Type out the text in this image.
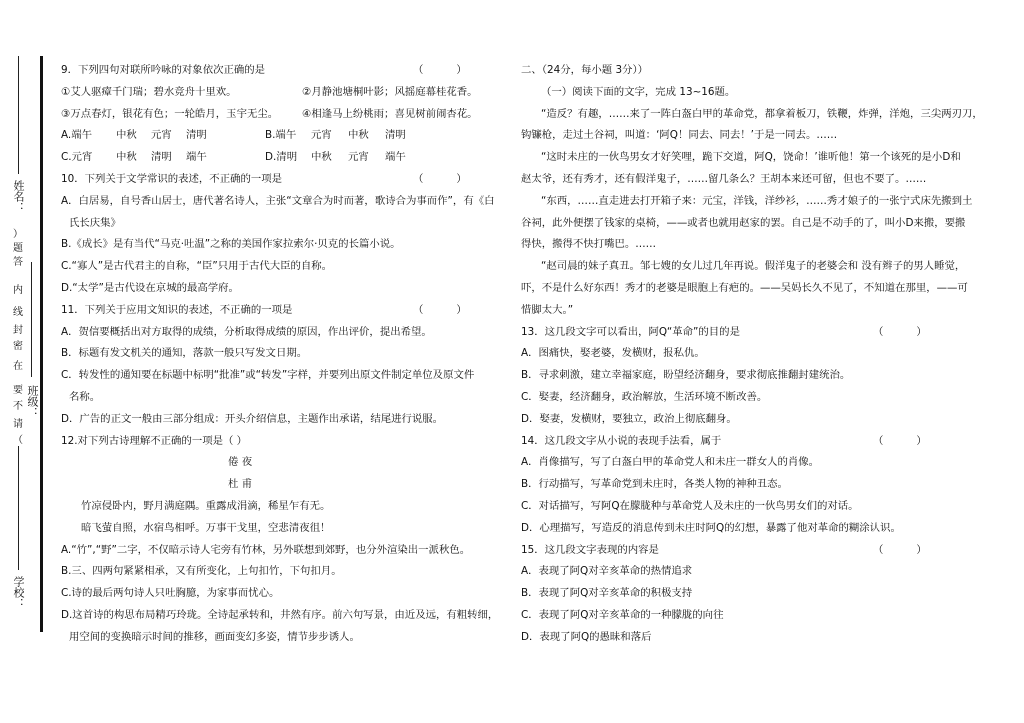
姓名：
）
题
答
内
线
封
密
在
要
不
请
（
班级：
学校：
9．下列四句对联所吟咏的对象依次正确的是	（          ）
①艾人驱瘴千门瑞；碧水竞舟十里欢。	②月静池塘桐叶影；风摇庭幕桂花香。
③万点春灯，银花有色；一轮皓月，玉宇无尘。 ④相逢马上纷桃雨；喜见树前闹杏花。
A.端午 中秋 元宵 清明	B.端午 元宵 中秋 清明
C.元宵 中秋 清明 端午	D.清明 中秋 元宵 端午
10．下列关于文学常识的表述，不正确的一项是	（          ）
A．白居易，自号香山居士，唐代著名诗人，主张“文章合为时而著，歌诗合为事而作”，有《白
氏长庆集》
B.《成长》是有当代“马克·吐温”之称的美国作家拉索尔·贝克的长篇小说。
C.“寡人”是古代君主的自称，“臣”只用于古代大臣的自称。
D.“太学”是古代设在京城的最高学府。
11．下列关于应用文知识的表述，不正确的一项是	（          ）
A．贺信要概括出对方取得的成绩，分析取得成绩的原因，作出评价，提出希望。
B．标题有发文机关的通知，落款一般只写发文日期。
C．转发性的通知要在标题中标明“批准”或“转发”字样，并要列出原文件制定单位及原文件
名称。
D．广告的正文一般由三部分组成：开头介绍信息，主题作出承诺，结尾进行说服。
12.对下列古诗理解不正确的一项是（ ）
倦 夜
杜 甫
竹凉侵卧内，野月满庭隅。重露成涓滴，稀星乍有无。
暗飞萤自照，水宿鸟相呼。万事干戈里，空悲清夜徂！
A.“竹”,“野”二字，不仅暗示诗人宅旁有竹林，另外联想到郊野，也分外渲染出一派秋色。
B.三、四两句紧紧相承，又有所变化，上句扣竹，下句扣月。
C.诗的最后两句诗人只吐胸臆，为家事而忧心。
D.这首诗的构思布局精巧玲珑。全诗起承转和，井然有序。前六句写景，由近及远，有粗转细，
用空间的变换暗示时间的推移，画面变幻多姿，情节步步诱人。
二、（24分，每小题 3分））
（一）阅读下面的文字，完成 13~16题。
“造反？有趣，……来了一阵白盔白甲的革命党，都拿着板刀，铁鞭，炸弹，洋炮，三尖两刃刀，
钩镰枪，走过土谷祠，叫道：‘阿Q！同去、同去！’于是一同去。……
“这时未庄的一伙鸟男女才好笑哩，跪下交道，阿Q，饶命！’谁听他！第一个该死的是小D和
赵太爷，还有秀才，还有假洋鬼子，……留几条么？王胡本来还可留，但也不要了。……
“东西，……直走进去打开箱子来：元宝，洋钱，洋纱衫，……秀才娘子的一张宁式床先搬到土
谷祠，此外便摆了钱家的桌椅，——或者也就用赵家的罢。自己是不动手的了，叫小D来搬，要搬
得快，搬得不快打嘴巴。……
“赵司晨的妹子真丑。邹七嫂的女儿过几年再说。假洋鬼子的老婆会和 没有辫子的男人睡觉，
吓，不是什么好东西！秀才的老婆是眼胞上有疤的。——吴妈长久不见了，不知道在那里，——可
惜脚太大。”
13．这几段文字可以看出，阿Q“革命”的目的是	（          ）
A．图痛快，娶老婆，发横财，报私仇。
B．寻求刺激，建立幸福家庭，盼望经济翻身，要求彻底推翻封建统治。
C．娶妻，经济翻身，政治解放，生活环境不断改善。
D．娶妻，发横财，要独立，政治上彻底翻身。
14．这几段文字从小说的表现手法看，属于	（          ）
A．肖像描写，写了白盔白甲的革命党人和未庄一群女人的肖像。
B．行动描写，写革命党到未庄时，各类人物的神种丑态。
C．对话描写，写阿Q在朦胧种与革命党人及未庄的一伙鸟男女们的对话。
D．心理描写，写造反的消息传到未庄时阿Q的幻想，暴露了他对革命的糊涂认识。
15．这几段文字表现的内容是	（          ）
A．表现了阿Q对辛亥革命的热情追求
B．表现了阿Q对辛亥革命的积极支持
C．表现了阿Q对辛亥革命的一种朦胧的向往
D．表现了阿Q的愚昧和落后
